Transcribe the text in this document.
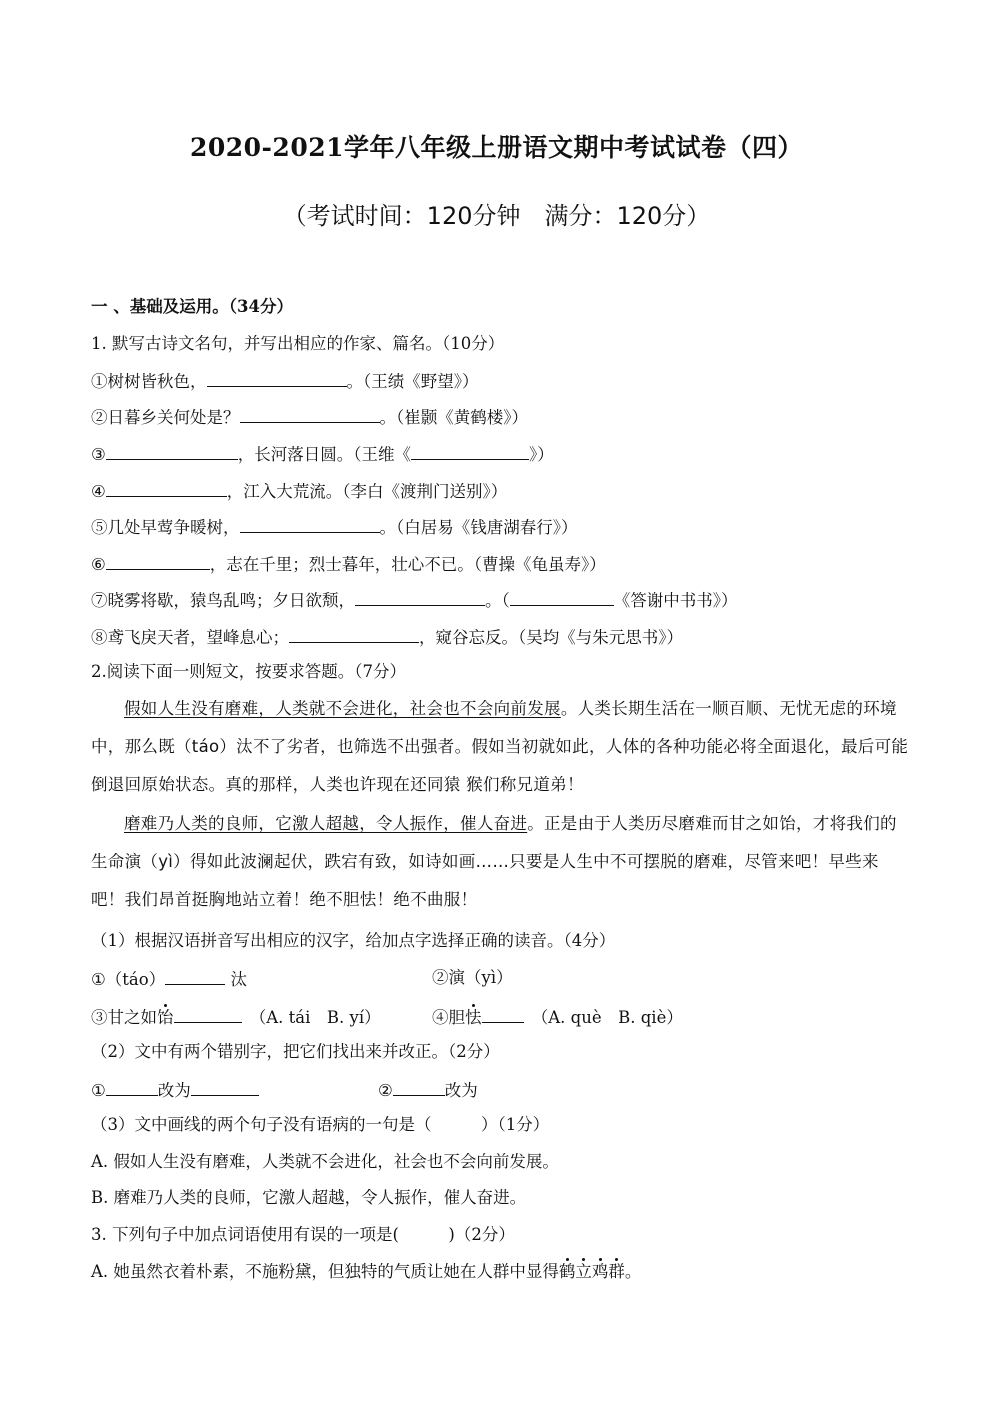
2020-2021学年八年级上册语文期中考试试卷（四）
（考试时间：120分钟　满分：120分）
一 、基础及运用。（34分）
1. 默写古诗文名句，并写出相应的作家、篇名。（10分）
①树树皆秋色，	。（王绩《野望》）
②日暮乡关何处是？	。（崔颢《黄鹤楼》）
③	，长河落日圆。（王维《	》）
④	，江入大荒流。（李白《渡荆门送别》）
⑤几处早莺争暖树，	。（白居易《钱唐湖春行》）
⑥	，志在千里；烈士暮年，壮心不已。（曹操《龟虽寿》）
⑦晓雾将歇，猿鸟乱鸣；夕日欲颓，	。（	《答谢中书书》）
⑧鸢飞戾天者，望峰息心；	，窥谷忘反。（吴均《与朱元思书》）
2.阅读下面一则短文，按要求答题。（7分）
假如人生没有磨难，人类就不会进化，社会也不会向前发展。人类长期生活在一顺百顺、无忧无虑的环境中，那么既（táo）汰不了劣者，也筛选不出强者。假如当初就如此，人体的各种功能必将全面退化，最后可能倒退回原始状态。真的那样，人类也许现在还同猿 猴们称兄道弟！
磨难乃人类的良师，它激人超越，令人振作，催人奋进。正是由于人类历尽磨难而甘之如饴，才将我们的生命演（yì）得如此波澜起伏，跌宕有致，如诗如画……只要是人生中不可摆脱的磨难，尽管来吧！早些来吧！我们昂首挺胸地站立着！绝不胆怯！绝不曲服！
（1）根据汉语拼音写出相应的汉字，给加点字选择正确的读音。（4分）
①（táo）	汰	②演（yì）
③甘之如饴　	（A. tái　B. yí）	④胆怯　	（A. què　B. qiè）
（2）文中有两个错别字，把它们找出来并改正。（2分）
①	改为	②	改为
（3）文中画线的两个句子没有语病的一句是（　　　）（1分）
A. 假如人生没有磨难，人类就不会进化，社会也不会向前发展。
B. 磨难乃人类的良师，它激人超越，令人振作，催人奋进。
3. 下列句子中加点词语使用有误的一项是(　　　)（2分）
A. 她虽然衣着朴素，不施粉黛，但独特的气质让她在人群中显得鹤立鸡群。
